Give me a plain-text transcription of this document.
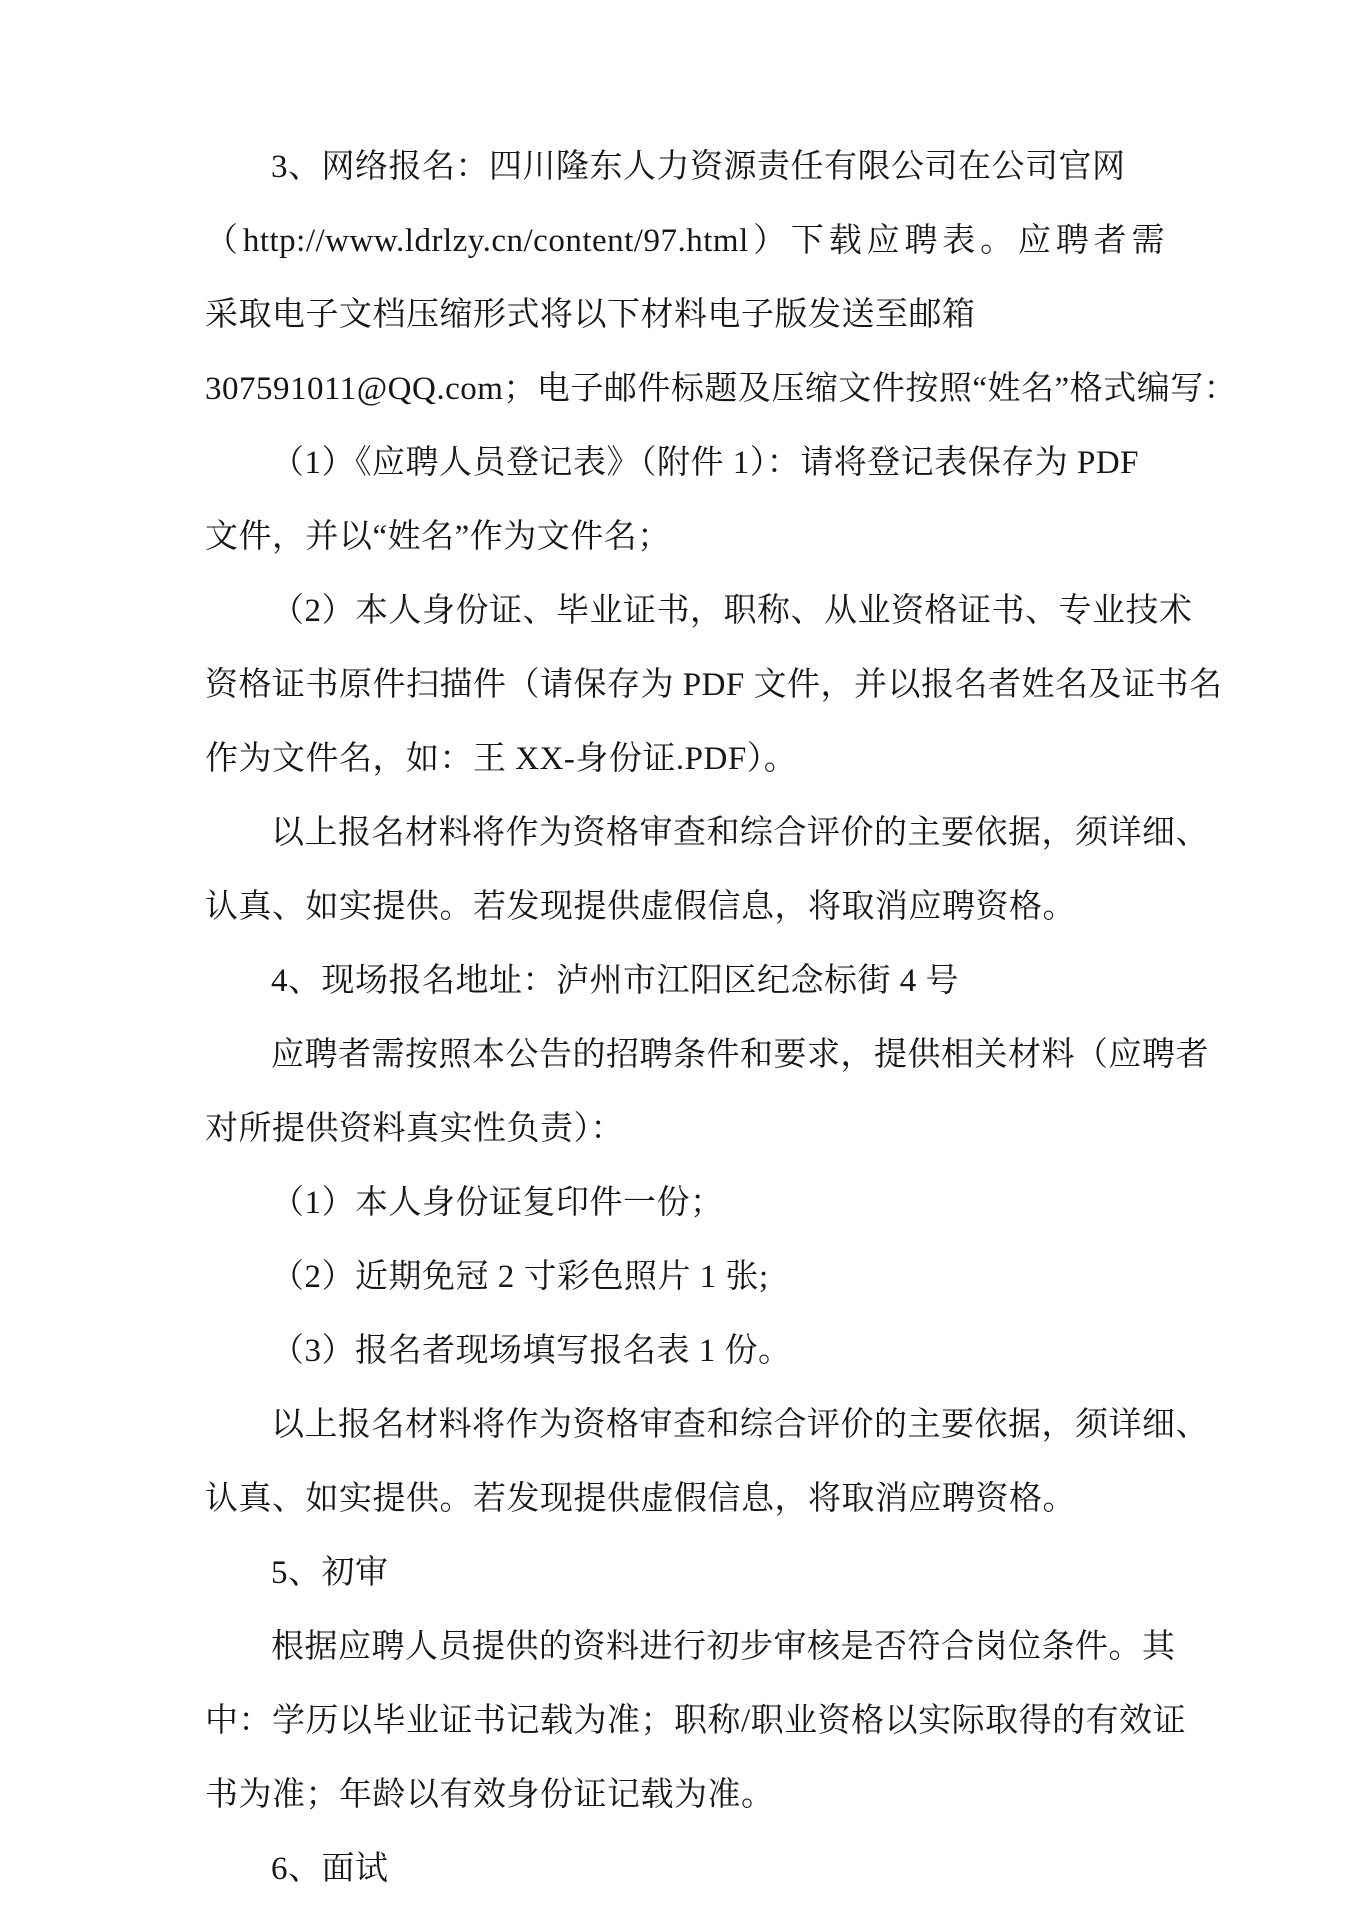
3、网络报名：四川隆东人力资源责任有限公司在公司官网
（http://www.ldrlzy.cn/content/97.html）下载应聘表。应聘者需
采取电子文档压缩形式将以下材料电子版发送至邮箱
307591011@QQ.com；电子邮件标题及压缩文件按照“姓名”格式编写：
（1）《应聘人员登记表》（附件 1）：请将登记表保存为 PDF
文件，并以“姓名”作为文件名；
（2）本人身份证、毕业证书，职称、从业资格证书、专业技术
资格证书原件扫描件（请保存为 PDF 文件，并以报名者姓名及证书名
作为文件名，如：王 XX-身份证.PDF）。
以上报名材料将作为资格审查和综合评价的主要依据，须详细、
认真、如实提供。若发现提供虚假信息，将取消应聘资格。
4、现场报名地址：泸州市江阳区纪念标街 4 号
应聘者需按照本公告的招聘条件和要求，提供相关材料（应聘者
对所提供资料真实性负责）：
（1）本人身份证复印件一份；
（2）近期免冠 2 寸彩色照片 1 张;
（3）报名者现场填写报名表 1 份。
以上报名材料将作为资格审查和综合评价的主要依据，须详细、
认真、如实提供。若发现提供虚假信息，将取消应聘资格。
5、初审
根据应聘人员提供的资料进行初步审核是否符合岗位条件。其
中：学历以毕业证书记载为准；职称/职业资格以实际取得的有效证
书为准；年龄以有效身份证记载为准。
6、面试
